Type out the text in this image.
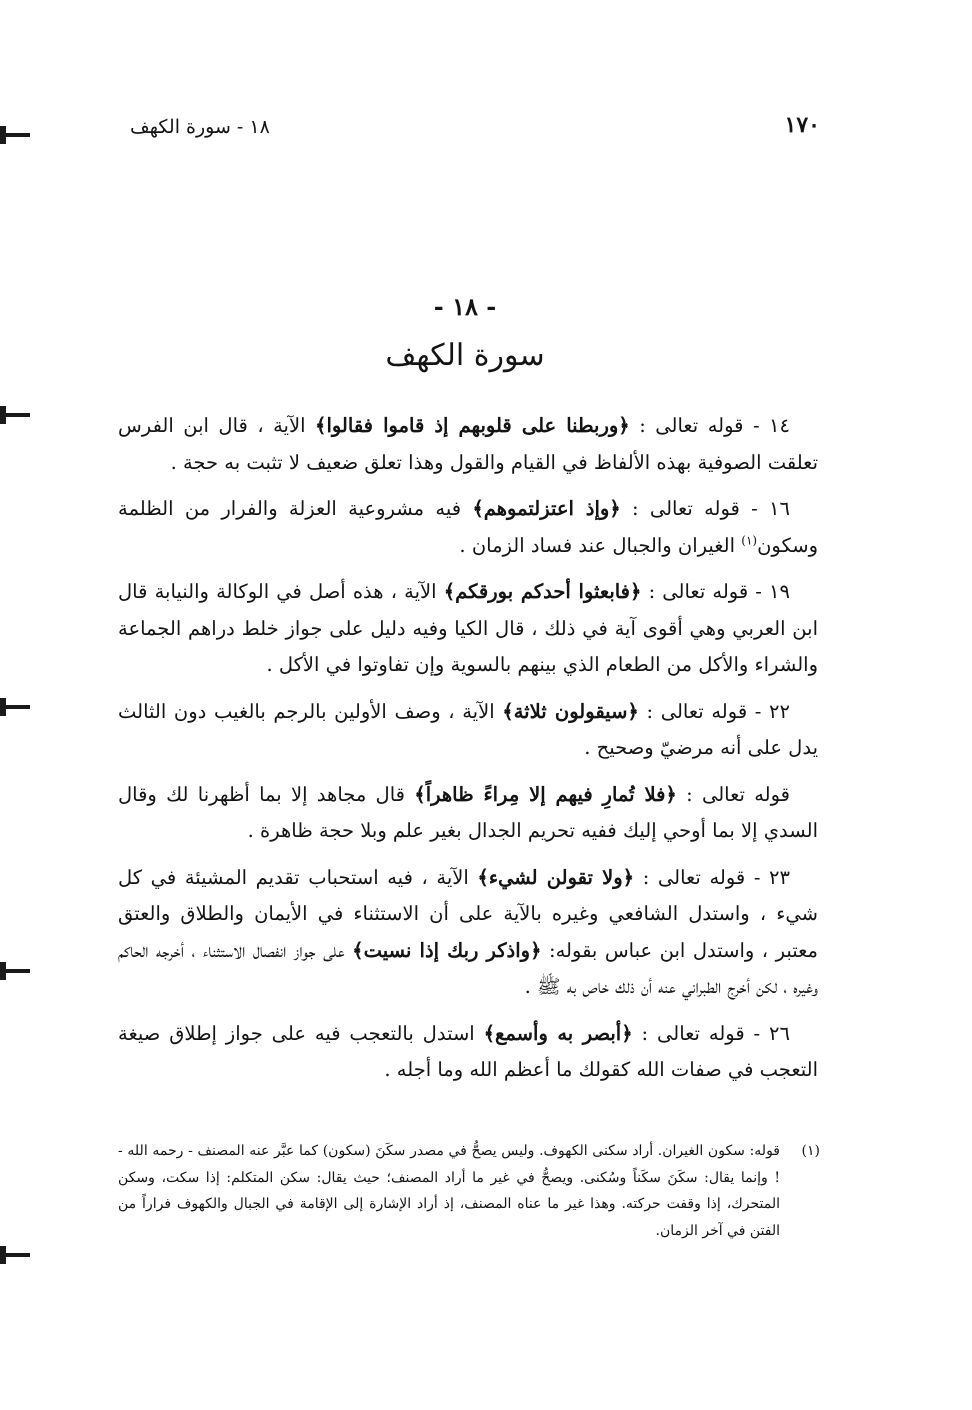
١٧٠
١٨ - سورة الكهف
- ١٨ -
سورة الكهف

١٤ - قوله تعالى : ﴿وربطنا على قلوبهم إذ قاموا فقالوا﴾ الآية ، قال ابن الفرس تعلقت الصوفية بهذه الألفاظ في القيام والقول وهذا تعلق ضعيف لا تثبت به حجة .

١٦ - قوله تعالى : ﴿وإذ اعتزلتموهم﴾ فيه مشروعية العزلة والفرار من الظلمة وسكون$^{(١)}$ الغيران والجبال عند فساد الزمان .

١٩ - قوله تعالى : ﴿فابعثوا أحدكم بورقكم﴾ الآية ، هذه أصل في الوكالة والنيابة قال ابن العربي وهي أقوى آية في ذلك ، قال الكيا وفيه دليل على جواز خلط دراهم الجماعة والشراء والأكل من الطعام الذي بينهم بالسوية وإن تفاوتوا في الأكل .

٢٢ - قوله تعالى : ﴿سيقولون ثلاثة﴾ الآية ، وصف الأولين بالرجم بالغيب دون الثالث يدل على أنه مرضيّ وصحيح .

قوله تعالى : ﴿فلا تُمارِ فيهم إلا مِراءً ظاهراً﴾ قال مجاهد إلا بما أظهرنا لك وقال السدي إلا بما أوحي إليك ففيه تحريم الجدال بغير علم وبلا حجة ظاهرة .

٢٣ - قوله تعالى : ﴿ولا تقولن لشيء﴾ الآية ، فيه استحباب تقديم المشيئة في كل شيء ، واستدل الشافعي وغيره بالآية على أن الاستثناء في الأيمان والطلاق والعتق معتبر ، واستدل ابن عباس بقوله: ﴿واذكر ربك إذا نسيت﴾ على جواز انفصال الاستثناء ، أخرجه الحاكم وغيره ، لكن أخرج الطبراني عنه أن ذلك خاص به ﷺ .

٢٦ - قوله تعالى : ﴿أبصر به وأسمع﴾ استدل بالتعجب فيه على جواز إطلاق صيغة التعجب في صفات الله كقولك ما أعظم الله وما أجله .

(١)
قوله: سكون الغيران. أراد سكنى الكهوف. وليس يصحُّ في مصدر سكَنَ (سكون) كما عبَّر عنه المصنف - رحمه الله - ! وإنما يقال: سكَنَ سكَناً وسُكنى. ويصحُّ في غير ما أراد المصنف؛ حيث يقال: سكن المتكلم: إذا سكت، وسكن المتحرك، إذا وقفت حركته. وهذا غير ما عناه المصنف، إذ أراد الإشارة إلى الإقامة في الجبال والكهوف فراراً من الفتن في آخر الزمان.
